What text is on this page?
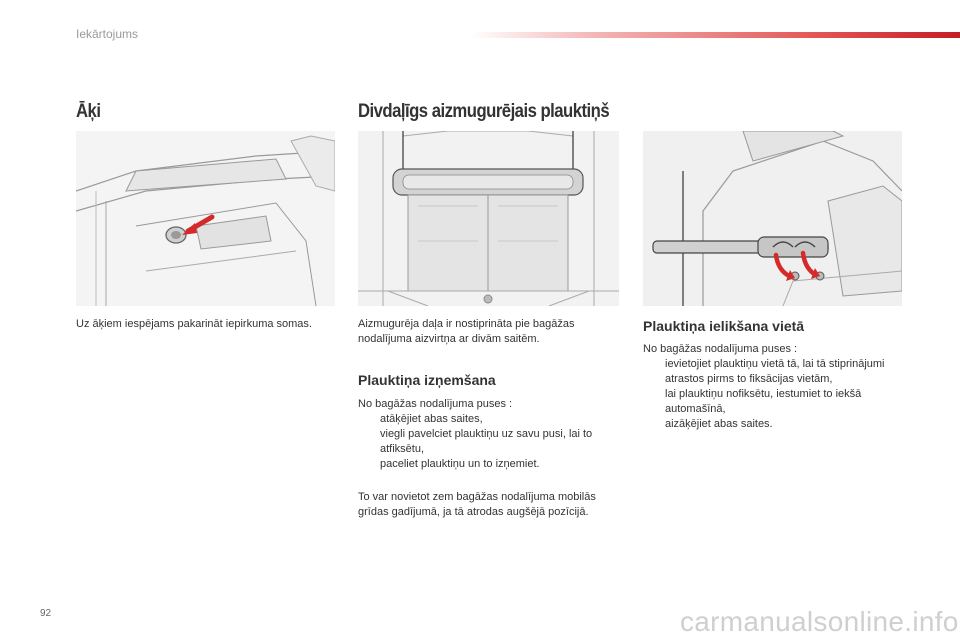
Iekārtojums
Āķi

Uz āķiem iespējams pakarināt iepirkuma somas.

Divdaļīgs aizmugurējais plauktiņš

Aizmugurēja daļa ir nostiprināta pie bagāžas nodalījuma aizvirtņa ar divām saitēm.

Plauktiņa izņemšana

No bagāžas nodalījuma puses :

atāķējiet abas saites,
viegli pavelciet plauktiņu uz savu pusi, lai to atfiksētu,
paceliet plauktiņu un to izņemiet.

To var novietot zem bagāžas nodalījuma mobilās grīdas gadījumā, ja tā atrodas augšējā pozīcijā.

Plauktiņa ielikšana vietā

No bagāžas nodalījuma puses :

ievietojiet plauktiņu vietā tā, lai tā stiprinājumi atrastos pirms to fiksācijas vietām,
lai plauktiņu nofiksētu, iestumiet to iekšā automašīnā,
aizāķējiet abas saites.
92	carmanualsonline.info
